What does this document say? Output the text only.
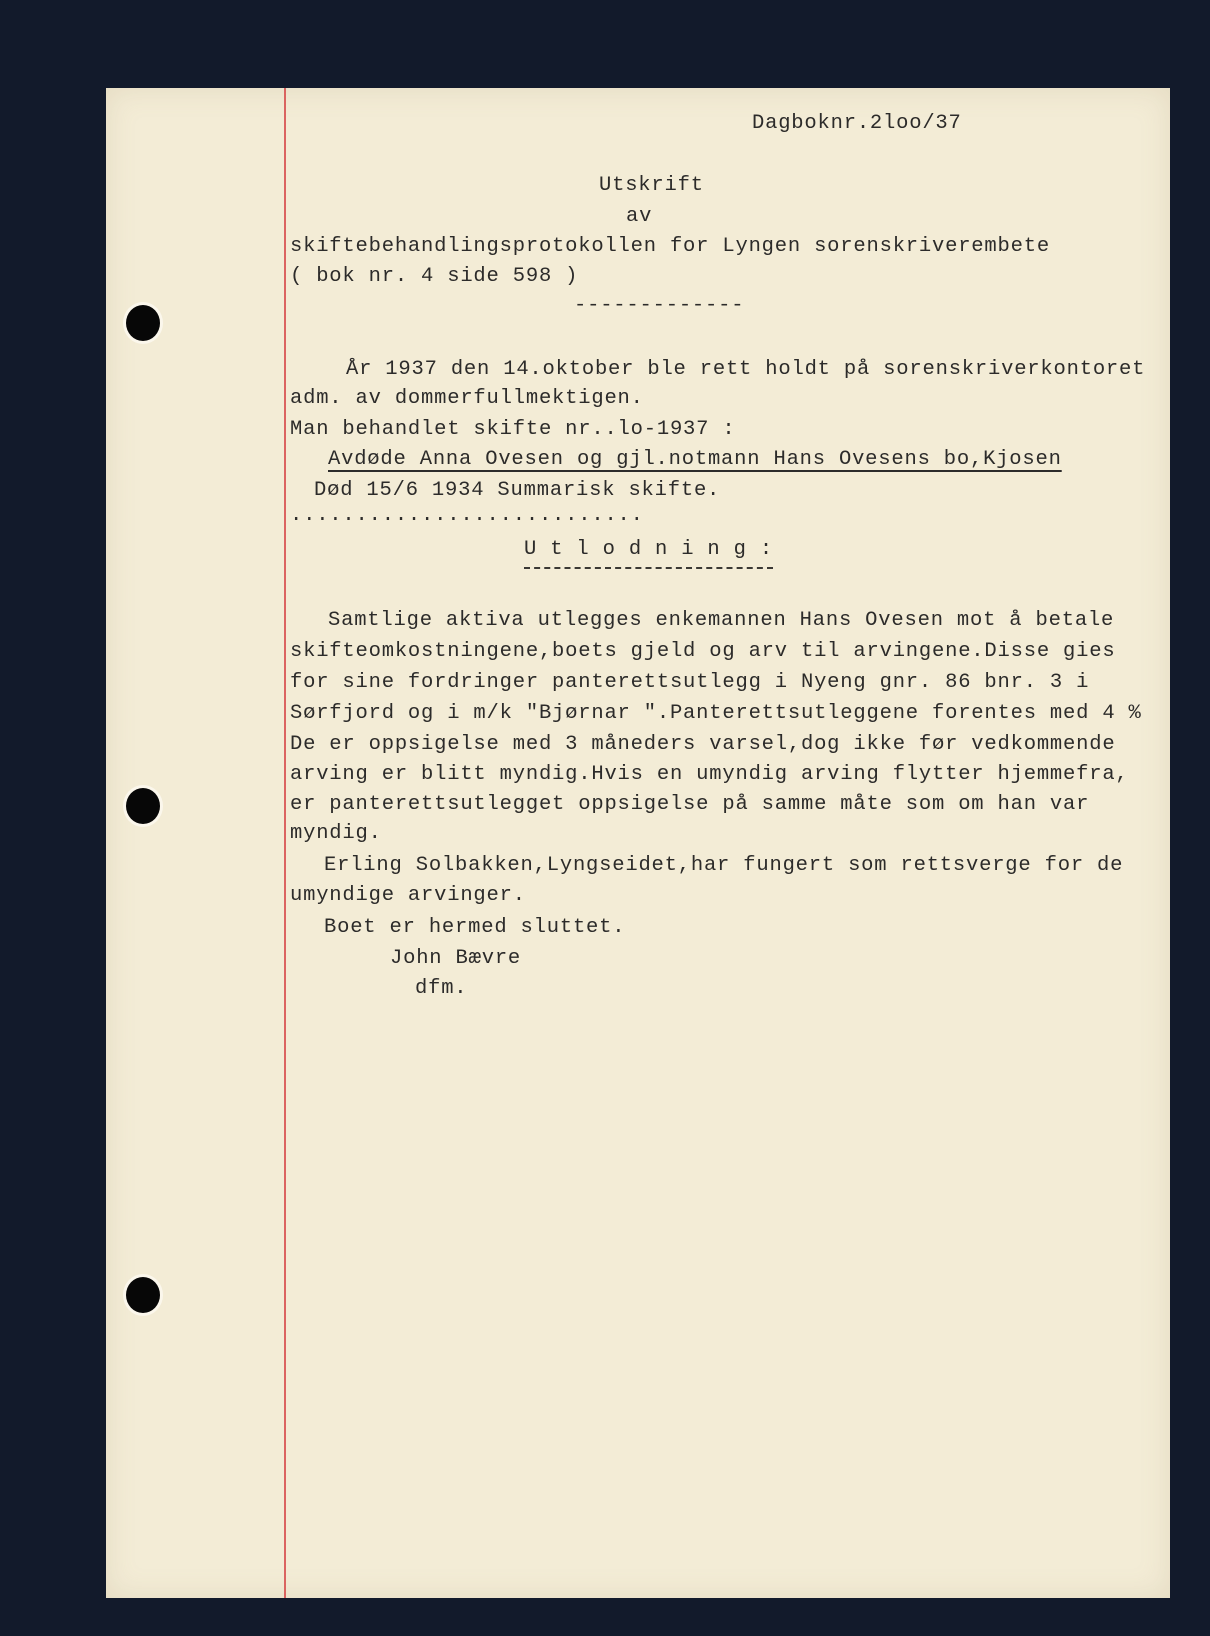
Dagboknr.2loo/37
Utskrift
av
skiftebehandlingsprotokollen for Lyngen sorenskriverembete
( bok nr. 4 side 598 )
-------------
År 1937 den 14.oktober ble rett holdt på sorenskriverkontoret
adm. av dommerfullmektigen.
Man behandlet skifte nr..lo-1937 :
Avdøde Anna Ovesen og gjl.notmann Hans Ovesens bo,Kjosen
Død 15/6 1934 Summarisk skifte.
...........................
U t l o d n i n g :
Samtlige aktiva utlegges enkemannen Hans Ovesen mot å betale
skifteomkostningene,boets gjeld og arv til arvingene.Disse gies
for sine fordringer panterettsutlegg i Nyeng gnr. 86 bnr. 3 i
Sørfjord og i m/k "Bjørnar ".Panterettsutleggene forentes med 4 %
De er oppsigelse med 3 måneders varsel,dog ikke før vedkommende
arving er blitt myndig.Hvis en umyndig arving flytter hjemmefra,
er panterettsutlegget oppsigelse på samme måte som om han var
myndig.
Erling Solbakken,Lyngseidet,har fungert som rettsverge for de
umyndige arvinger.
Boet er hermed sluttet.
John Bævre
dfm.
